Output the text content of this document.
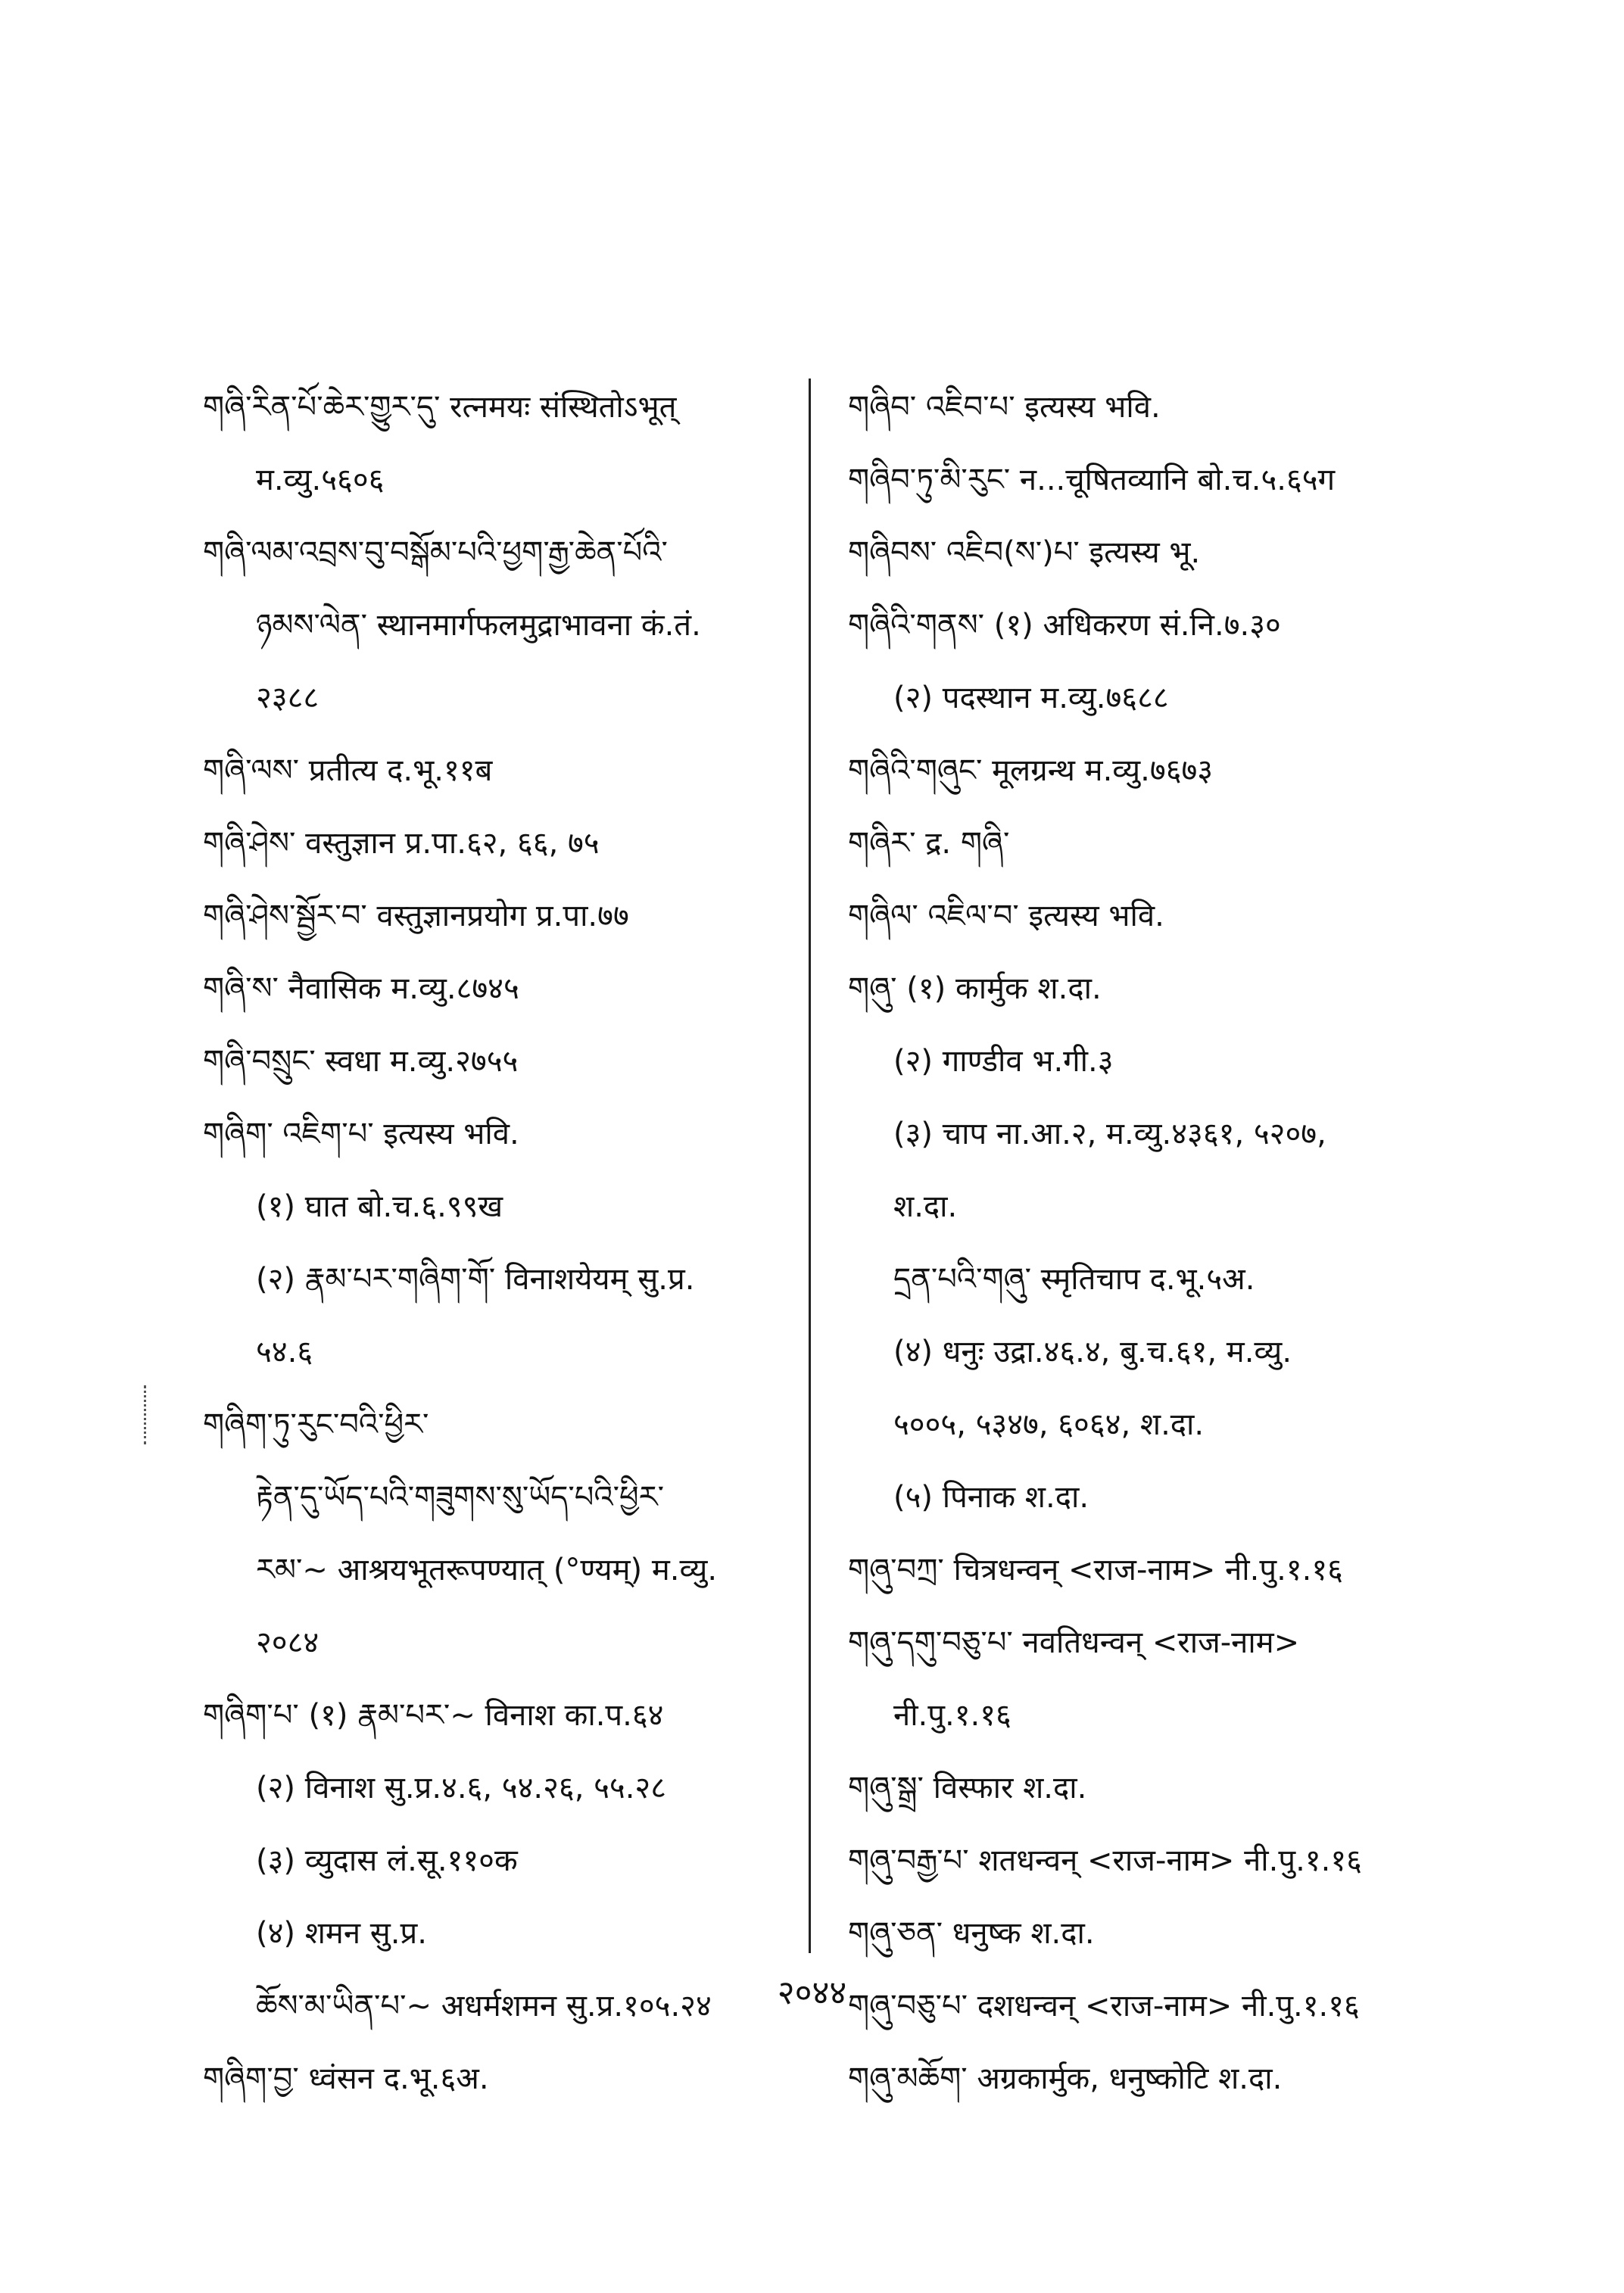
གཞི་རིན་པོ་ཆེར་གྱུར་དུ་ रत्नमयः संस्थितोऽभूत्
म.व्यु.५६०६
གཞི་ལམ་འབྲས་བུ་བསྒོམ་པའི་ཕྱག་རྒྱ་ཆེན་པོའི་
ཉམས་ལེན་ स्थानमार्गफलमुद्राभावना कं.तं.
२३८८
གཞི་ལས་ प्रतीत्य द.भू.११ब
གཞི་ཤེས་ वस्तुज्ञान प्र.पा.६२, ६६, ७५
གཞི་ཤེས་སྦྱོར་བ་ वस्तुज्ञानप्रयोग प्र.पा.७७
གཞི་ས་ नैवासिक म.व्यु.८७४५
གཞི་བསྲུང་ स्वधा म.व्यु.२७५५
གཞིག་ འཇིག་པ་ इत्यस्य भवि.
(१) घात बो.च.६.९९ख
(२) རྣམ་པར་གཞིག་གོ་ विनाशयेयम् सु.प्र.
५४.६
གཞིག་ཏུ་རུང་བའི་ཕྱིར་
རྟེན་དུ་ཡོད་པའི་གཟུགས་སུ་ཡོད་པའི་ཕྱིར་
རམ་~ आश्रयभूतरूपण्यात् (°ण्यम्) म.व्यु.
२०८४
གཞིག་པ་ (१) རྣམ་པར་~ विनाश का.प.६४
(२) विनाश सु.प्र.४.६, ५४.२६, ५५.२८
(३) व्युदास लं.सू.११०क
(४) शमन सु.प्र.
ཆོས་མ་ཡིན་པ་~ अधर्मशमन सु.प्र.१०५.२४
གཞིག་བྱ་ ध्वंसन द.भू.६अ.
གཞིབ་ འཇིབ་པ་ इत्यस्य भवि.
གཞིབ་ཏུ་མི་རུང་ न...चूषितव्यानि बो.च.५.६५ग
གཞིབས་ འཇིབ(ས་)པ་ इत्यस्य भू.
གཞིའི་གནས་ (१) अधिकरण सं.नि.७.३०
(२) पदस्थान म.व्यु.७६८८
གཞིའི་གཞུང་ मूलग्रन्थ म.व्यु.७६७३
གཞིར་ द्र. གཞི་
གཞིལ་ འཇིལ་བ་ इत्यस्य भवि.
གཞུ་ (१) कार्मुक श.दा.
(२) गाण्डीव भ.गी.३
(३) चाप ना.आ.२, म.व्यु.४३६१, ५२०७,
श.दा.
དྲན་པའི་གཞུ་ स्मृतिचाप द.भू.५अ.
(४) धनुः उद्रा.४६.४, बु.च.६१, म.व्यु.
५००५, ५३४७, ६०६४, श.दा.
(५) पिनाक श.दा.
གཞུ་བཀྲ་ चित्रधन्वन् <राज-नाम> नी.पु.१.१६
གཞུ་དགུ་བཅུ་པ་ नवतिधन्वन् <राज-नाम>
नी.पु.१.१६
གཞུ་སྒྲ་ विस्फार श.दा.
གཞུ་བརྒྱ་པ་ शतधन्वन् <राज-नाम> नी.पु.१.१६
གཞུ་ཅན་ धनुष्क श.दा.
གཞུ་བཅུ་པ་ दशधन्वन् <राज-नाम> नी.पु.१.१६
གཞུ་མཆོག་ अग्रकार्मुक, धनुष्कोटि श.दा.
२०४४
